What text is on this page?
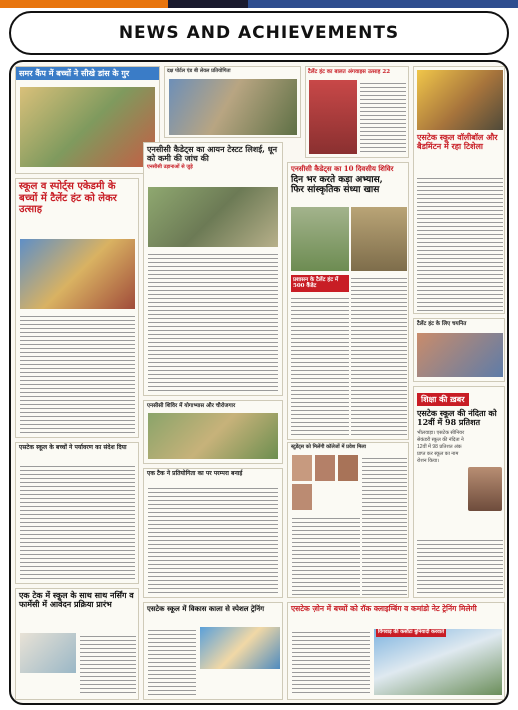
NEWS AND ACHIEVEMENTS
समर कैंप में बच्चों ने सीखे डांस के गुर	दक्ष पोर्टल एंड बी लेवल प्रतियोगिता	टैलेंट हंट का बालत अंगवाइस उत्साह 22
एसटेक स्कूल वॉलीबॉल और बैडमिंटन में रहा टिशेला
एनसीसी कैडेट्स का आयन टेस्टट लिशई, धून को कमी की जांच की
एनसीसी उड़ानाओं से जुड़े	एनसीसी कैडेट्स का 10 दिवसीय शिविर
दिन भर करते कड़ा अभ्यास,
फिर सांस्कृतिक संध्या खास
प्रशासन के टैलेंट हंट में 500 कैंडेट
स्कूल व स्पोर्ट्स एकेडमी के बच्चों में टैलेंट हंट को लेकर उत्साह
एनसीसी शिविर में योगाभ्यास और चौरोजगार
टैलेंट हंट के लिए चयनित
शिक्षा की ख़बर
एसटेक स्कूल की नंदिता को 12वीं में 98 प्रतिशत
भीलवाड़ा। एसटेक सीनियर सेकंडरी स्कूल की नंदिता ने 12वीं में 98 प्रतिशत अंक प्राप्त कर स्कूल का नाम रोशन किया।
स्टूडेंट्स को मिलेंगी कॉलेजों में प्रवेश मिला
एसटेक स्कूल के बच्चों ने पर्यावरण का संदेश दिया
एक टैक ने प्रतियोगिता का पर परम्परा बनाई
एक टेक में स्कूल के साथ साथ नर्सिंग व फार्मेसी में आवेदन प्रक्रिया प्रारंभ	एसटेक स्कूल में विकास काला से स्पेशल ट्रेनिंग	एसटेक ज़ोन में बच्चों को रॉक क्लाइम्बिंग व कमांडो नेट ट्रेनिंग मिलेगी
विंगवाड़ की कसौटा बुनियादी करवाते
